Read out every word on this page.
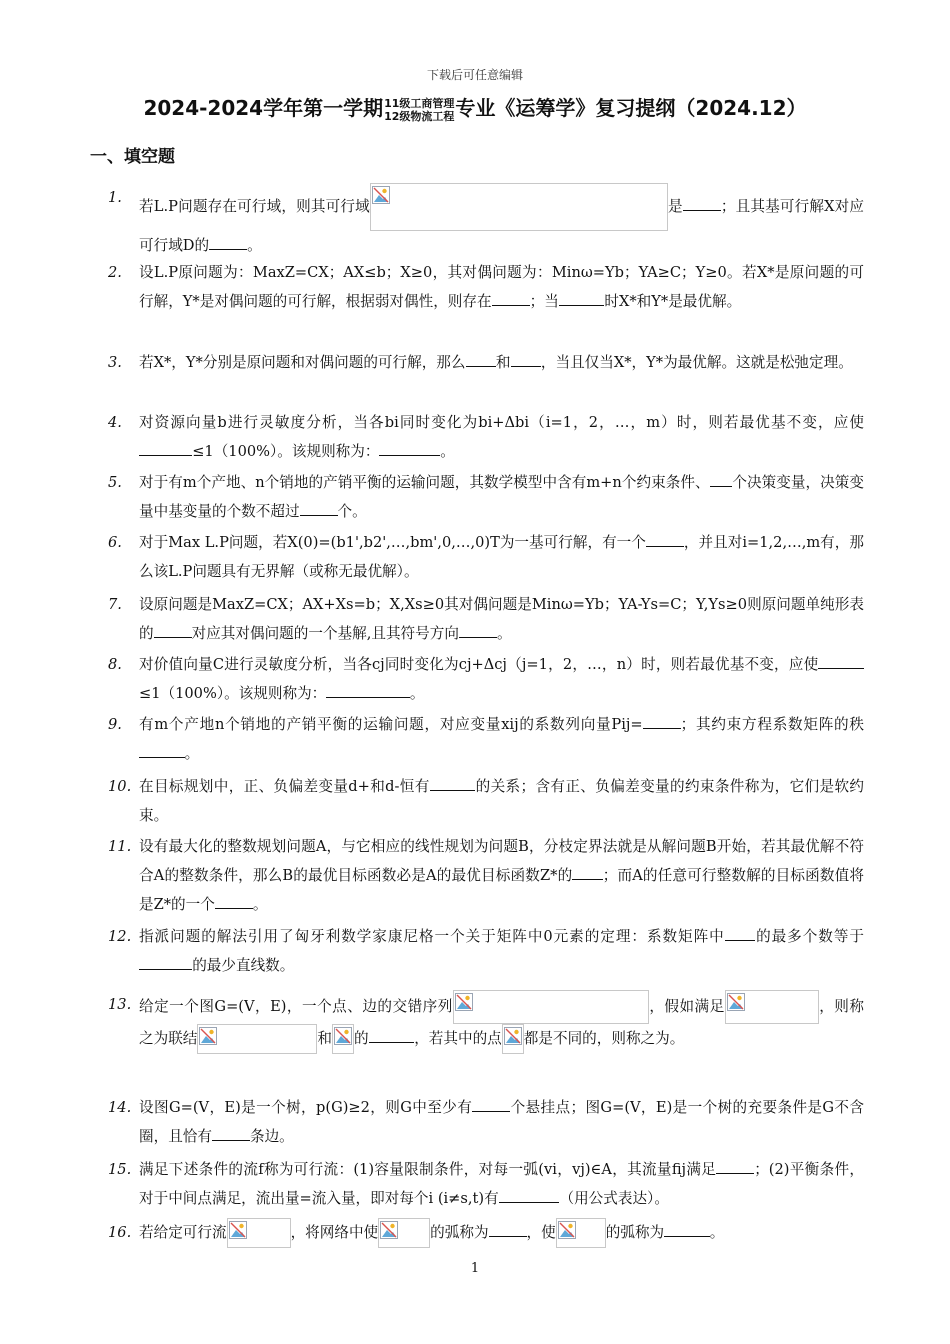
下载后可任意编辑
2024-2024学年第一学期 11级工商管理
12级物流工程 专业《运筹学》复习提纲（2024.12）
一、填空题
1.
若L.P问题存在可行域，则其可行域	是	；且其基可行解X对应可行域D的	。
2.	设L.P原问题为：MaxZ=CX；AX≤b；X≥0，其对偶问题为：Minω=Yb；YA≥C；Y≥0。若X*是原问题的可行解，Y*是对偶问题的可行解，根据弱对偶性，则存在	；当	时X*和Y*是最优解。
3.	若X*，Y*分别是原问题和对偶问题的可行解，那么 和 ，当且仅当X*，Y*为最优解。这就是松弛定理。
4.	对资源向量b进行灵敏度分析，当各bi同时变化为bi+Δbi（i=1，2，…，m）时，则若最优基不变，应使≤1（100%）。该规则称为：	。
5.	对于有m个产地、n个销地的产销平衡的运输问题，其数学模型中含有m+n个约束条件、 个决策变量，决策变量中基变量的个数不超过	个。
6.	对于Max L.P问题，若X(0)=(b1',b2',…,bm',0,…,0)T为一基可行解，有一个	，并且对i=1,2,…,m有，那么该L.P问题具有无界解（或称无最优解）。
7.	设原问题是MaxZ=CX；AX+Xs=b；X,Xs≥0其对偶问题是Minω=Yb；YA-Ys=C；Y,Ys≥0则原问题单纯形表的	对应其对偶问题的一个基解,且其符号方向	。
8.	对价值向量C进行灵敏度分析，当各cj同时变化为cj+Δcj（j=1，2，…，n）时，则若最优基不变，应使≤1（100%）。该规则称为：	。
9.	有m个产地n个销地的产销平衡的运输问题，对应变量xij的系数列向量Pij=	；其约束方程系数矩阵的秩。
10. 在目标规划中，正、负偏差变量d+和d-恒有	的关系；含有正、负偏差变量的约束条件称为，它们是软约束。
11. 设有最大化的整数规划问题A，与它相应的线性规划为问题B，分枝定界法就是从解问题B开始，若其最优解不符合A的整数条件，那么B的最优目标函数必是A的最优目标函数Z*的 ；而A的任意可行整数解的目标函数值将是Z*的一个	。
12. 指派问题的解法引用了匈牙利数学家康尼格一个关于矩阵中0元素的定理：系数矩阵中 的最多个数等于的最少直线数。
13. 给定一个图G=(V，E)，一个点、边的交错序列	，假如满足	，则称之为联结	和 的	，若其中的点 都是不同的，则称之为。
14. 设图G=(V，E)是一个树，p(G)≥2，则G中至少有	个悬挂点；图G=(V，E)是一个树的充要条件是G不含圈，且恰有	条边。
15. 满足下述条件的流f称为可行流：(1)容量限制条件，对每一弧(vi，vj)∈A，其流量fij满足	；(2)平衡条件，对于中间点满足，流出量=流入量，即对每个i (i≠s,t)有	（用公式表达）。
16. 若给定可行流	，将网络中使	的弧称为	，使	的弧称为	。
1
